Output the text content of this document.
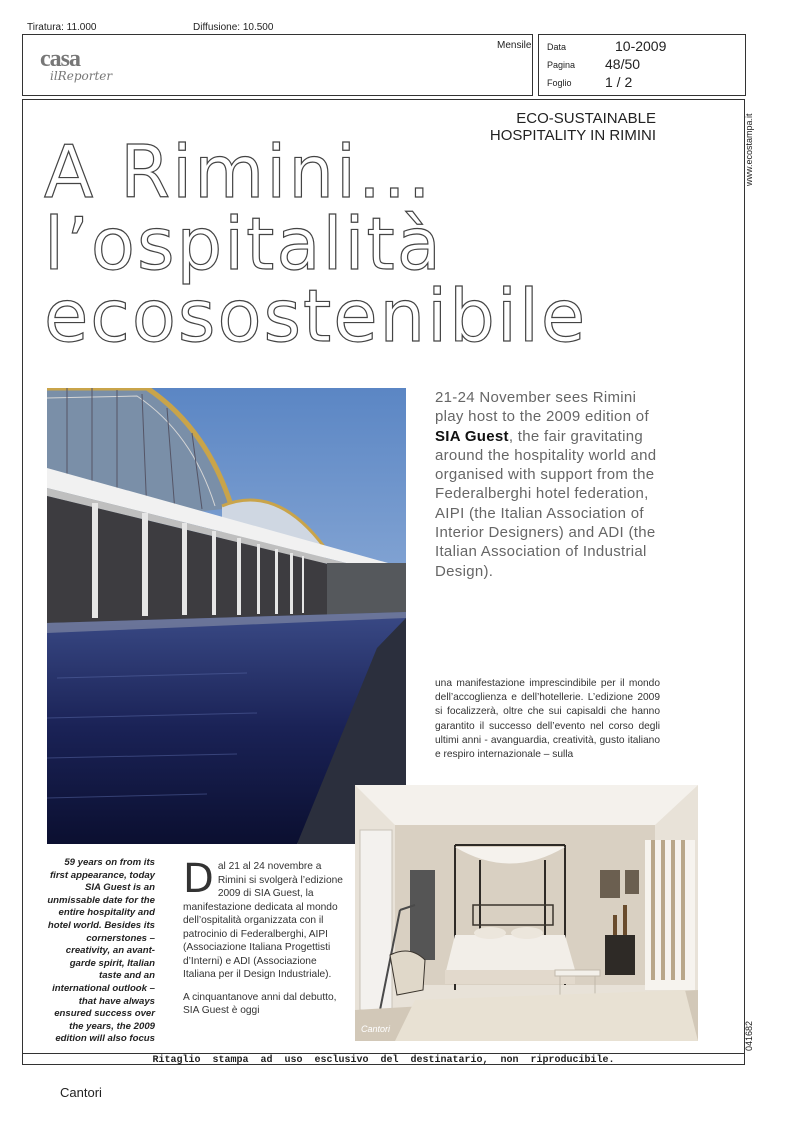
Tiratura: 11.000	Diffusione: 10.500
casa
ilReporter
Mensile Data	10-2009
Pagina 48/50
Foglio 1 / 2
www.ecostampa.it
041682
ECO-SUSTAINABLE
HOSPITALITY IN RIMINI
A Rimini...
l’ospitalità
ecosostenibile
21-24 November sees Rimini play host to the 2009 edition of
SIA Guest, the fair gravitating around the hospitality world and organised with support from the Federalberghi hotel federation, AIPI (the Italian Association of Interior Designers) and ADI (the Italian Association of Industrial Design).
una manifestazione imprescindibile per il mondo dell’accoglienza e dell’hotellerie. L’edizione 2009 si focalizzerà, oltre che sui capisaldi che hanno garantito il successo dell’evento nel corso degli ultimi anni - avanguardia, creatività, gusto italiano e respiro internazionale – sulla
Cantori
59 years on from its first appearance, today SIA Guest is an unmissable date for the entire hospitality and hotel world. Besides its cornerstones – creativity, an avant-garde spirit, Italian taste and an international outlook – that have always ensured success over the years, the 2009 edition will also focus

Dal 21 al 24 novembre a Rimini si svolgerà l’edizione 2009 di SIA Guest, la manifestazione dedicata al mondo dell’ospitalità organizzata con il patrocinio di Federalberghi, AIPI (Associazione Italiana Progettisti d’Interni) e ADI (Associazione Italiana per il Design Industriale).

A cinquantanove anni dal debutto, SIA Guest è oggi

Ritaglio stampa ad uso esclusivo del destinatario, non riproducibile.
Cantori
